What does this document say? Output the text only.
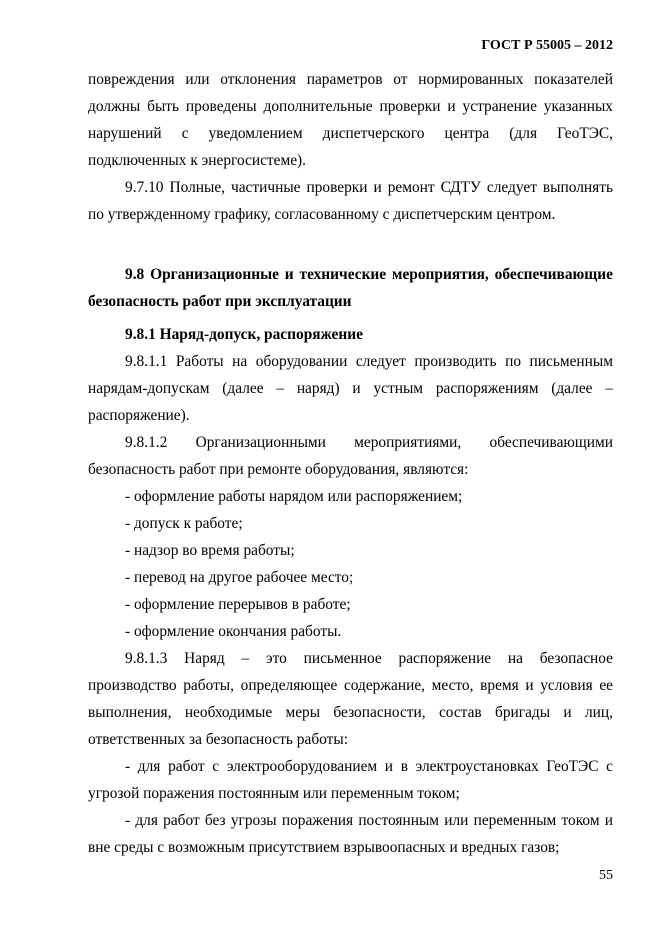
ГОСТ Р 55005 – 2012

повреждения или отклонения параметров от нормированных показателей должны быть проведены дополнительные проверки и устранение указанных нарушений с уведомлением диспетчерского центра (для ГеоТЭС, подключенных к энергосистеме).

9.7.10 Полные, частичные проверки и ремонт СДТУ следует выполнять по утвержденному графику, согласованному с диспетчерским центром.

9.8 Организационные и технические мероприятия, обеспечивающие безопасность работ при эксплуатации

9.8.1 Наряд-допуск, распоряжение

9.8.1.1 Работы на оборудовании следует производить по письменным нарядам-допускам (далее – наряд) и устным распоряжениям (далее – распоряжение).

9.8.1.2 Организационными мероприятиями, обеспечивающими безопасность работ при ремонте оборудования, являются:

- оформление работы нарядом или распоряжением;

- допуск к работе;

- надзор во время работы;

- перевод на другое рабочее место;

- оформление перерывов в работе;

- оформление окончания работы.

9.8.1.3 Наряд – это письменное распоряжение на безопасное производство работы, определяющее содержание, место, время и условия ее выполнения, необходимые меры безопасности, состав бригады и лиц, ответственных за безопасность работы:

- для работ с электрооборудованием и в электроустановках ГеоТЭС с угрозой поражения постоянным или переменным током;

- для работ без угрозы поражения постоянным или переменным током и вне среды с возможным присутствием взрывоопасных и вредных газов;

55
